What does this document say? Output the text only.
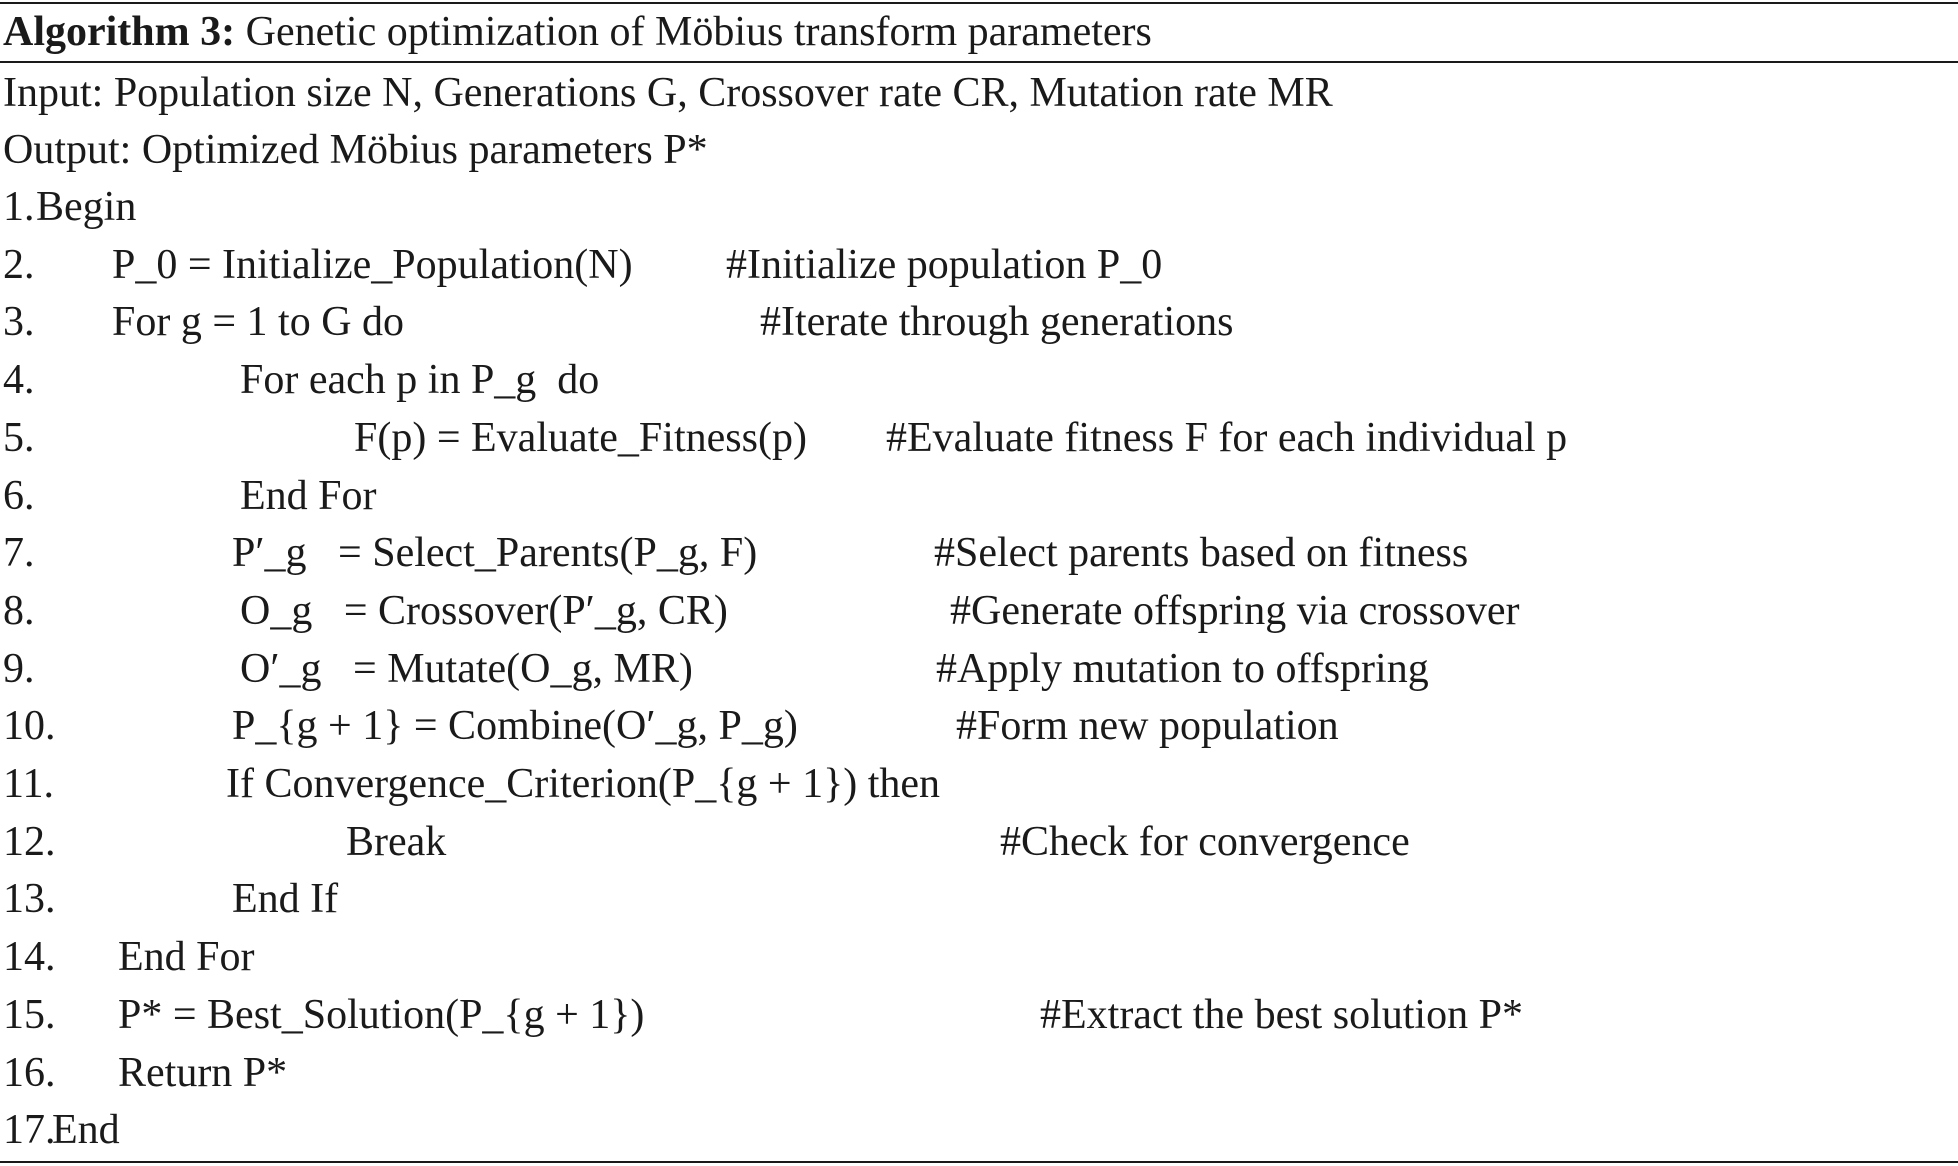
Algorithm 3: Genetic optimization of Möbius transform parameters
Input: Population size N, Generations G, Crossover rate CR, Mutation rate MR
Output: Optimized Möbius parameters P*
1. Begin
2. P_0 = Initialize_Population(N) #Initialize population P_0
3. For g = 1 to G do	#Iterate through generations
4.	For each p in P_g  do
5.	F(p) = Evaluate_Fitness(p) #Evaluate fitness F for each individual p
6.	End For
7.	P′_g   = Select_Parents(P_g, F)	#Select parents based on fitness
8.	O_g   = Crossover(P′_g, CR)	#Generate offspring via crossover
9.	O′_g   = Mutate(O_g, MR)	#Apply mutation to offspring
10.	P_{g + 1} = Combine(O′_g, P_g)	#Form new population
11.	If Convergence_Criterion(P_{g + 1}) then
12.	Break	#Check for convergence
13.	End If
14. End For
15. P* = Best_Solution(P_{g + 1})	#Extract the best solution P*
16. Return P*
17.
End
